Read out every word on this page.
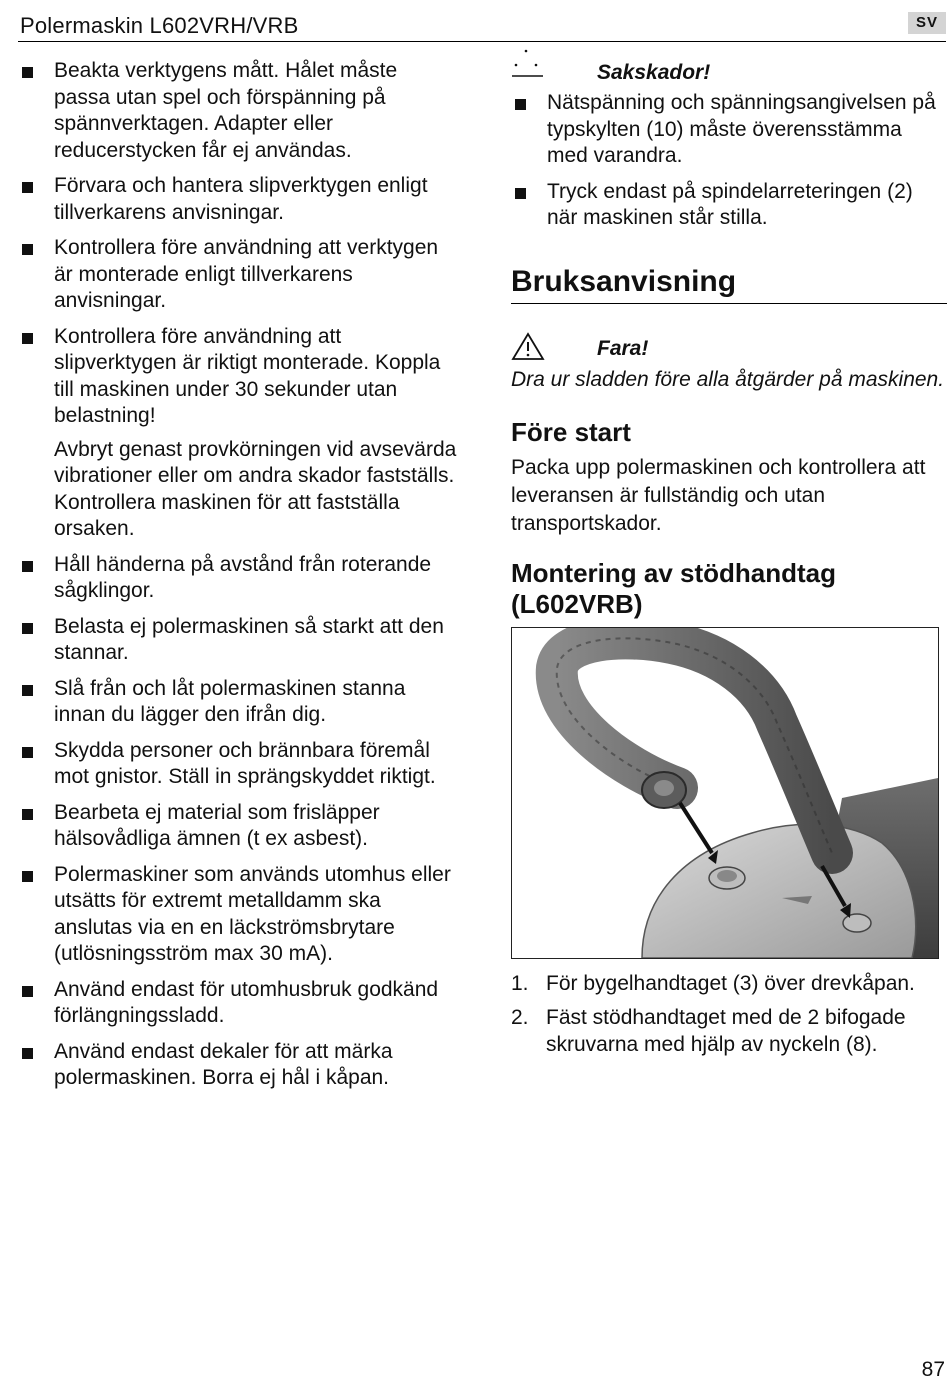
Polermaskin L602VRH/VRB	SV
Beakta verktygens mått. Hålet måste passa utan spel och förspänning på spännverktagen. Adapter eller reducerstycken får ej användas.
Förvara och hantera slipverktygen enligt tillverkarens anvisningar.
Kontrollera före användning att verktygen är monterade enligt tillverkarens anvisningar.
Kontrollera före användning att slipverktygen är riktigt monterade. Koppla till maskinen under 30 sekunder utan belastning!
Avbryt genast provkörningen vid avsevärda vibrationer eller om andra skador fastställs. Kontrollera maskinen för att fastställa orsaken.
Håll händerna på avstånd från roterande sågklingor.
Belasta ej polermaskinen så starkt att den stannar.
Slå från och låt polermaskinen stanna innan du lägger den ifrån dig.
Skydda personer och brännbara föremål mot gnistor. Ställ in sprängskyddet riktigt.
Bearbeta ej material som frisläpper hälsovådliga ämnen (t ex asbest).
Polermaskiner som används utomhus eller utsätts för extremt metalldamm ska anslutas via en en läckströmsbrytare (utlösningsström max 30 mA).
Använd endast för utomhusbruk godkänd förlängningssladd.
Använd endast dekaler för att märka polermaskinen. Borra ej hål i kåpan.
Sakskador!
Nätspänning och spänningsangivelsen på typskylten (10) måste överensstämma med varandra.
Tryck endast på spindelarreteringen (2) när maskinen står stilla.
Bruksanvisning
Fara!
Dra ur sladden före alla åtgärder på maskinen.
Före start
Packa upp polermaskinen och kontrollera att leveransen är fullständig och utan transportskador.
Montering av stödhandtag (L602VRB)
1. För bygelhandtaget (3) över drevkåpan.
2. Fäst stödhandtaget med de 2 bifogade skruvarna med hjälp av nyckeln (8).
87
